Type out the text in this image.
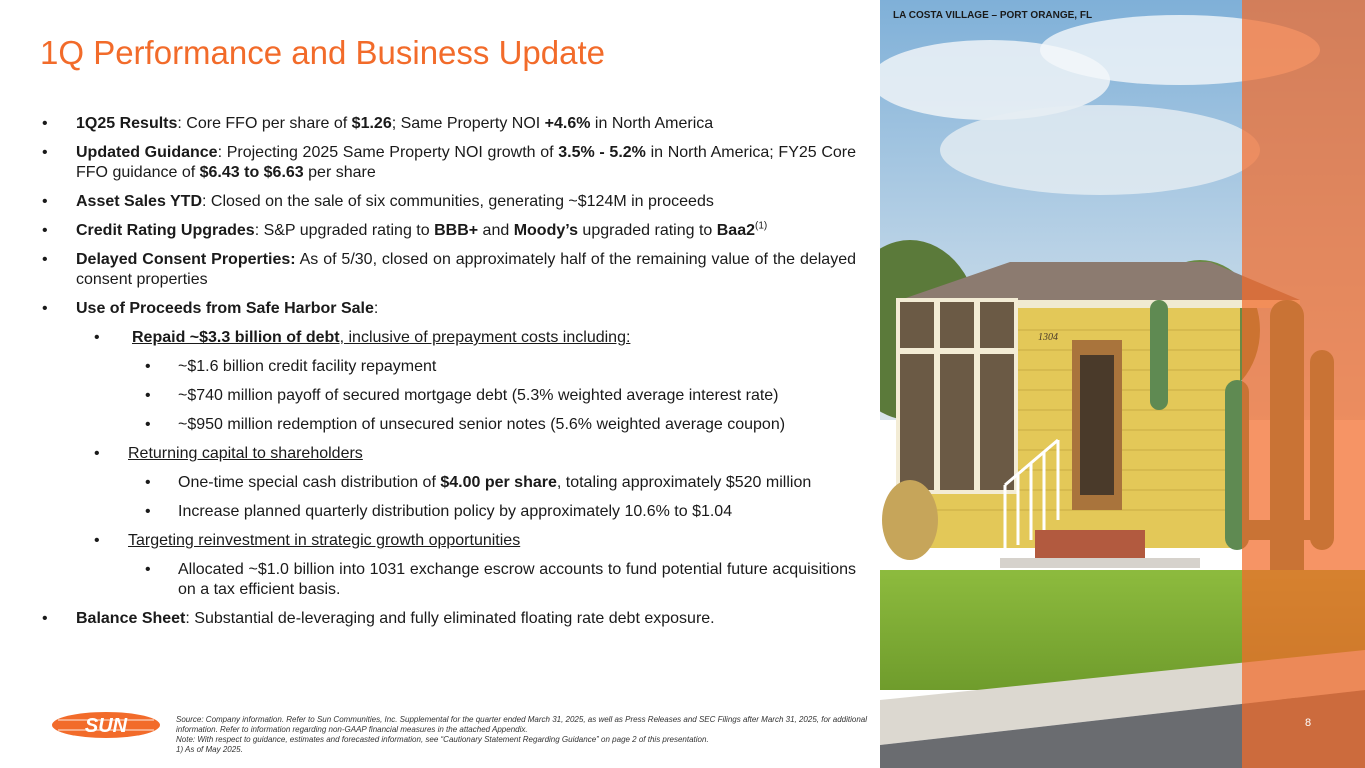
1Q Performance and Business Update
• 1Q25 Results: Core FFO per share of $1.26; Same Property NOI +4.6% in North America
• Updated Guidance: Projecting 2025 Same Property NOI growth of 3.5% - 5.2% in North America; FY25 Core FFO guidance of $6.43 to $6.63 per share
• Asset Sales YTD: Closed on the sale of six communities, generating ~$124M in proceeds
• Credit Rating Upgrades: S&P upgraded rating to BBB+ and Moody’s upgraded rating to Baa2$^{(1)}$
• Delayed Consent Properties: As of 5/30, closed on approximately half of the remaining value of the delayed consent properties
• Use of Proceeds from Safe Harbor Sale:
• Repaid ~$3.3 billion of debt, inclusive of prepayment costs including:
• ~$1.6 billion credit facility repayment
• ~$740 million payoff of secured mortgage debt (5.3% weighted average interest rate)
• ~$950 million redemption of unsecured senior notes (5.6% weighted average coupon)
• Returning capital to shareholders
• One-time special cash distribution of $4.00 per share, totaling approximately $520 million
• Increase planned quarterly distribution policy by approximately 10.6% to $1.04
• Targeting reinvestment in strategic growth opportunities
• Allocated ~$1.0 billion into 1031 exchange escrow accounts to fund potential future acquisitions on a tax efficient basis.
• Balance Sheet: Substantial de-leveraging and fully eliminated floating rate debt exposure.
SUN	Source: Company information. Refer to Sun Communities, Inc. Supplemental for the quarter ended March 31, 2025, as well as Press Releases and SEC Filings after March 31, 2025, for additional information. Refer to information regarding non-GAAP financial measures in the attached Appendix.
Note: With respect to guidance, estimates and forecasted information, see “Cautionary Statement Regarding Guidance” on page 2 of this presentation.
1) As of May 2025.
1304
LA COSTA VILLAGE – PORT ORANGE, FL
8
